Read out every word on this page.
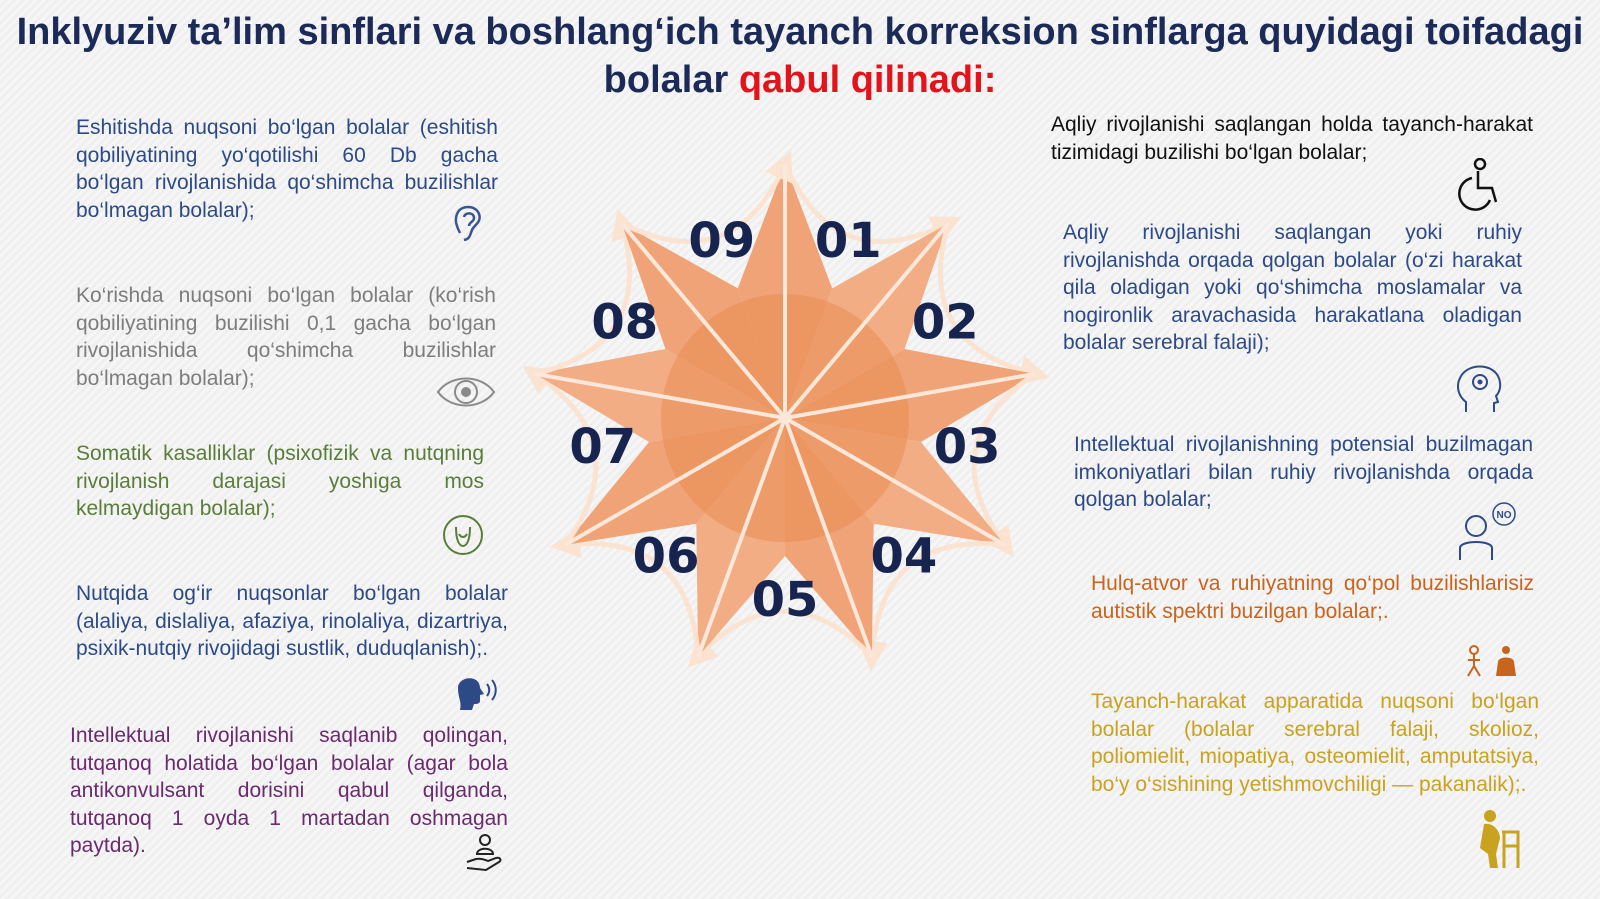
Inklyuziv ta’lim sinflari va boshlang‘ich tayanch korreksion sinflarga quyidagi toifadagi bolalar qabul qilinadi:

Eshitishda nuqsoni bo‘lgan bolalar (eshitish qobiliyatining yo‘qotilishi 60 Db gacha bo‘lgan rivojlanishida qo‘shimcha buzilishlar bo‘lmagan bolalar);

Ko‘rishda nuqsoni bo‘lgan bolalar (ko‘rish qobiliyatining buzilishi 0,1 gacha bo‘lgan rivojlanishida qo‘shimcha buzilishlar bo‘lmagan bolalar);

Somatik kasalliklar (psixofizik va nutqning rivojlanish darajasi yoshiga mos kelmaydigan bolalar);

Nutqida og‘ir nuqsonlar bo‘lgan bolalar (alaliya, dislaliya, afaziya, rinolaliya, dizartriya, psixik-nutqiy rivojidagi sustlik, duduqlanish);.

Intellektual rivojlanishi saqlanib qolingan, tutqanoq holatida bo‘lgan bolalar (agar bola antikonvulsant dorisini qabul qilganda, tutqanoq 1 oyda 1 martadan oshmagan paytda).

01
02
03
04
05
06
07
08
09

Aqliy rivojlanishi saqlangan holda tayanch-harakat tizimidagi buzilishi bo‘lgan bolalar;

Aqliy rivojlanishi saqlangan yoki ruhiy rivojlanishda orqada qolgan bolalar (o‘zi harakat qila oladigan yoki qo‘shimcha moslamalar va nogironlik aravachasida harakatlana oladigan bolalar serebral falaji);

Intellektual rivojlanishning potensial buzilmagan imkoniyatlari bilan ruhiy rivojlanishda orqada qolgan bolalar;

NO

Hulq-atvor va ruhiyatning qo‘pol buzilishlarisiz autistik spektri buzilgan bolalar;.

Tayanch-harakat apparatida nuqsoni bo‘lgan bolalar (bolalar serebral falaji, skolioz, poliomielit, miopatiya, osteomielit, amputatsiya, bo‘y o‘sishining yetishmovchiligi — pakanalik);.
